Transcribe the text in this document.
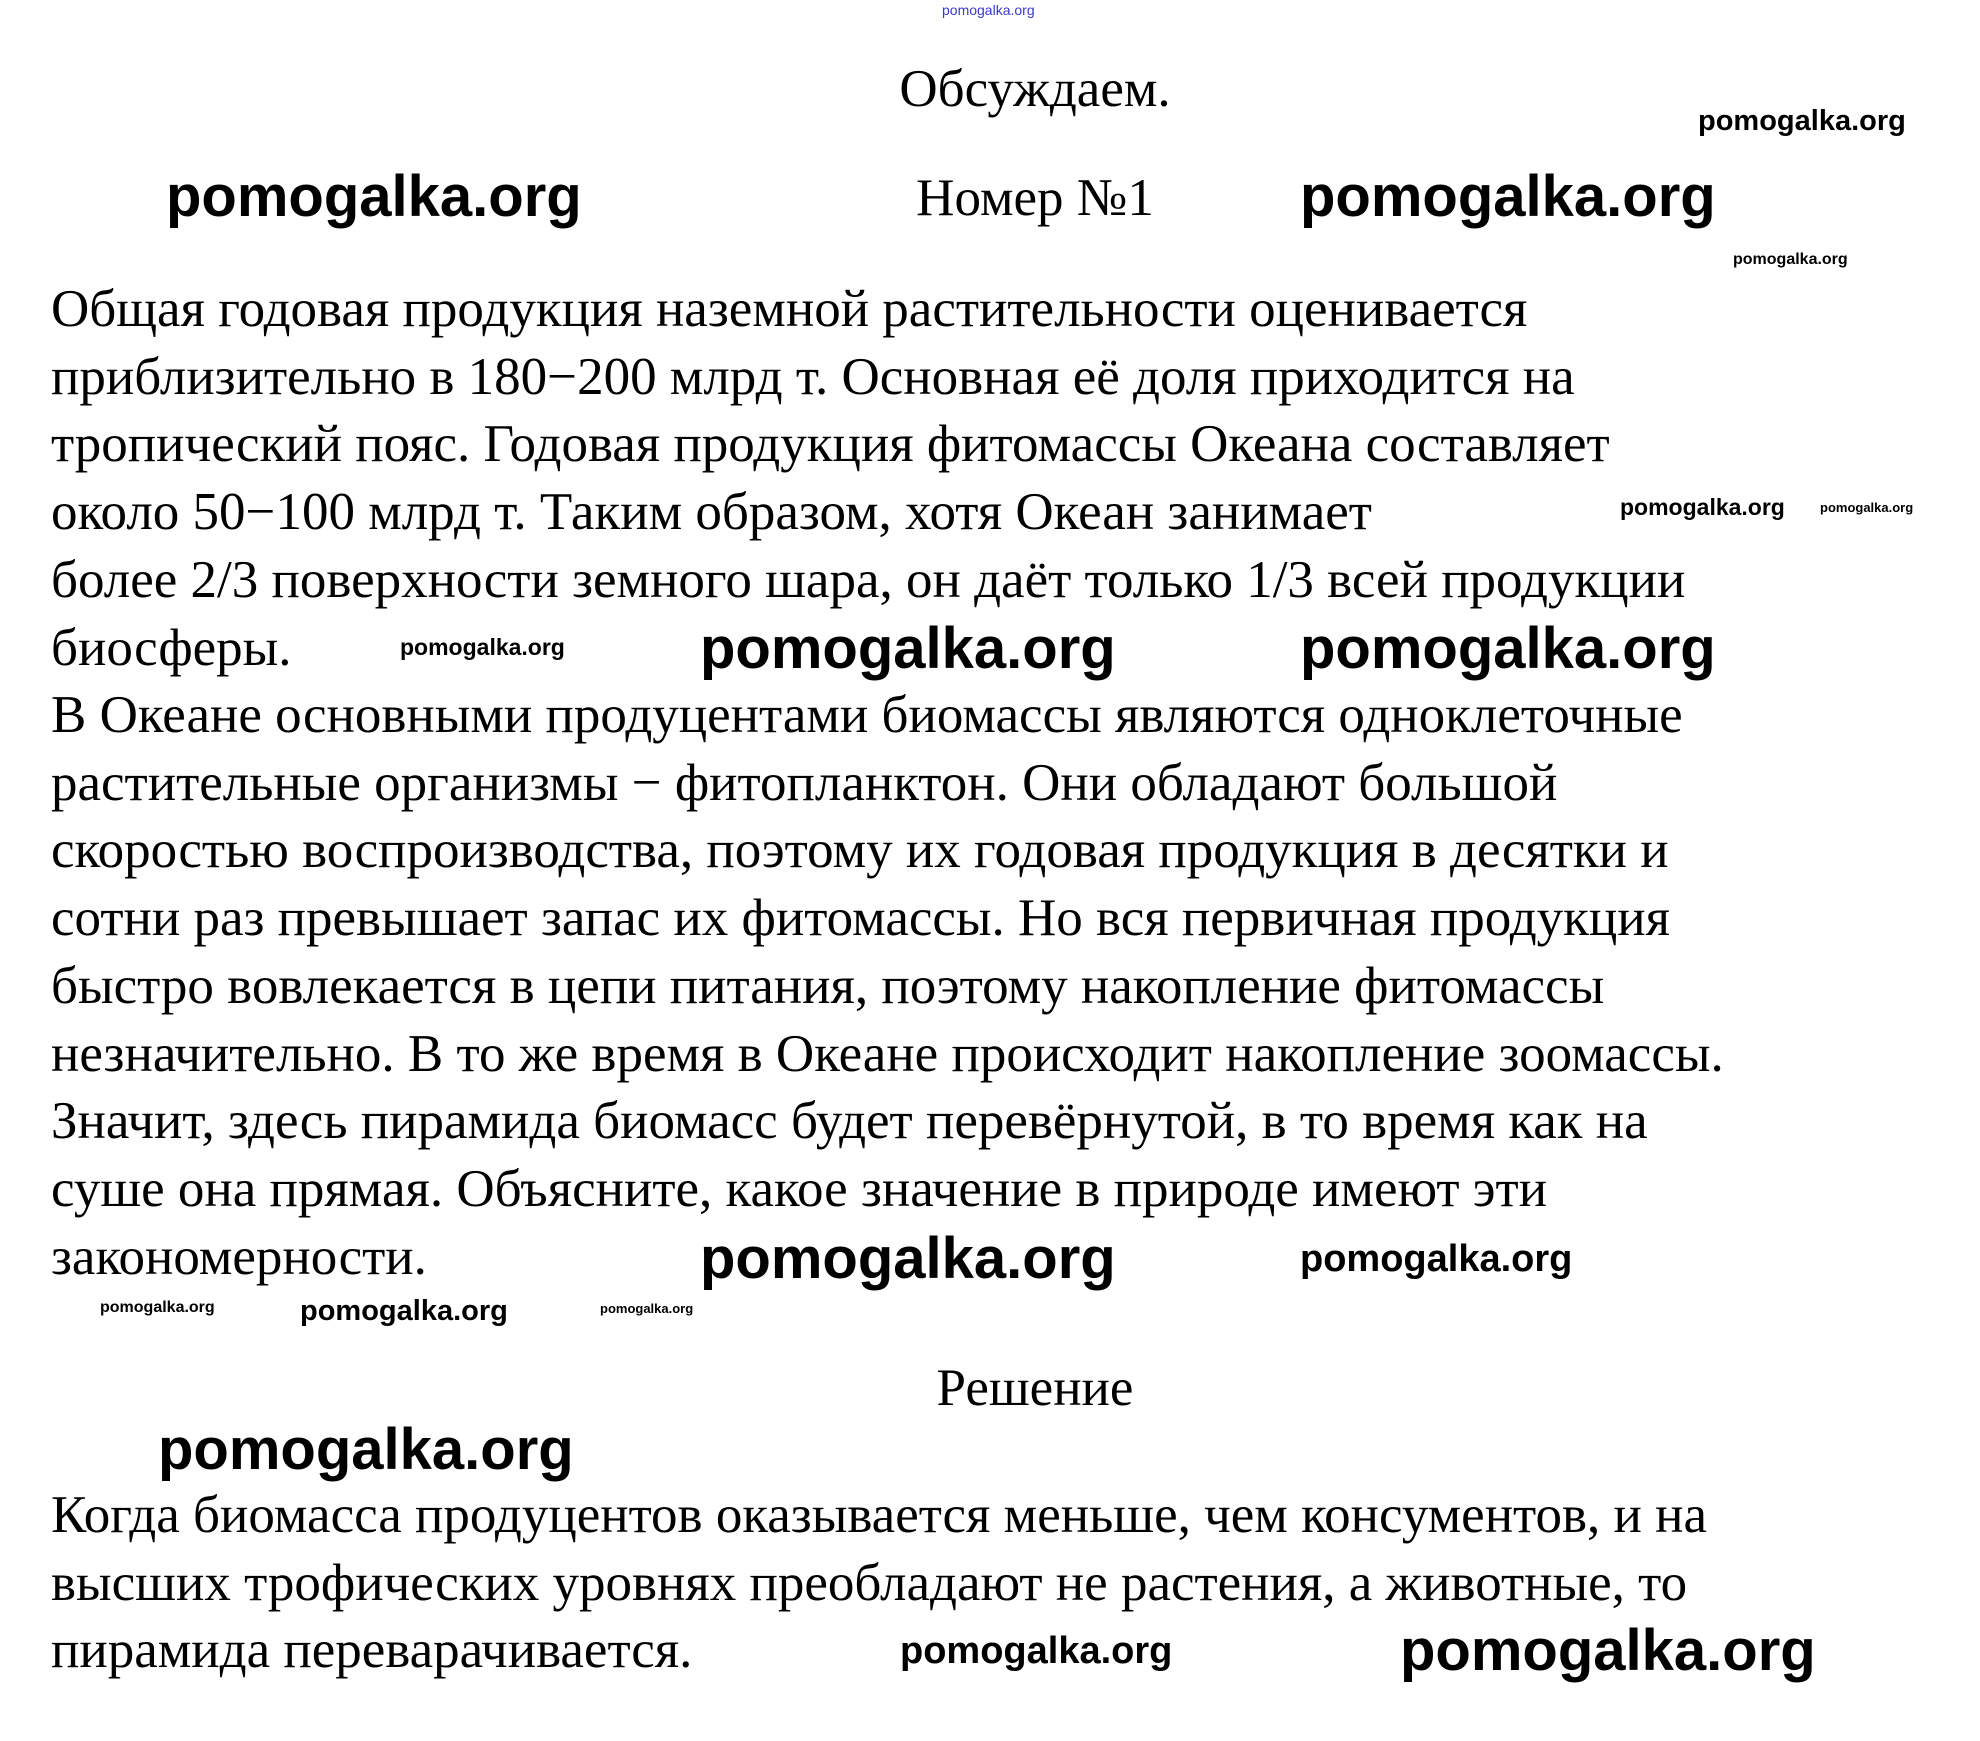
Обсуждаем.
Номер №1
Общая годовая продукция наземной растительности оценивается
приблизительно в 180−200 млрд т. Основная её доля приходится на
тропический пояс. Годовая продукция фитомассы Океана составляет
около 50−100 млрд т. Таким образом, хотя Океан занимает
более 2/3 поверхности земного шара, он даёт только 1/3 всей продукции
биосферы.
В Океане основными продуцентами биомассы являются одноклеточные
растительные организмы − фитопланктон. Они обладают большой
скоростью воспроизводства, поэтому их годовая продукция в десятки и
сотни раз превышает запас их фитомассы. Но вся первичная продукция
быстро вовлекается в цепи питания, поэтому накопление фитомассы
незначительно. В то же время в Океане происходит накопление зоомассы.
Значит, здесь пирамида биомасс будет перевёрнутой, в то время как на
суше она прямая. Объясните, какое значение в природе имеют эти
закономерности.
Решение
Когда биомасса продуцентов оказывается меньше, чем консументов, и на
высших трофических уровнях преобладают не растения, а животные, то
пирамида переварачивается.
pomogalka.org
pomogalka.org
pomogalka.org	pomogalka.org
pomogalka.org
pomogalka.org	pomogalka.org
pomogalka.org
pomogalka.org	pomogalka.org
pomogalka.org
pomogalka.org	pomogalka.org
pomogalka.org	pomogalka.org
pomogalka.org
pomogalka.org	pomogalka.org
